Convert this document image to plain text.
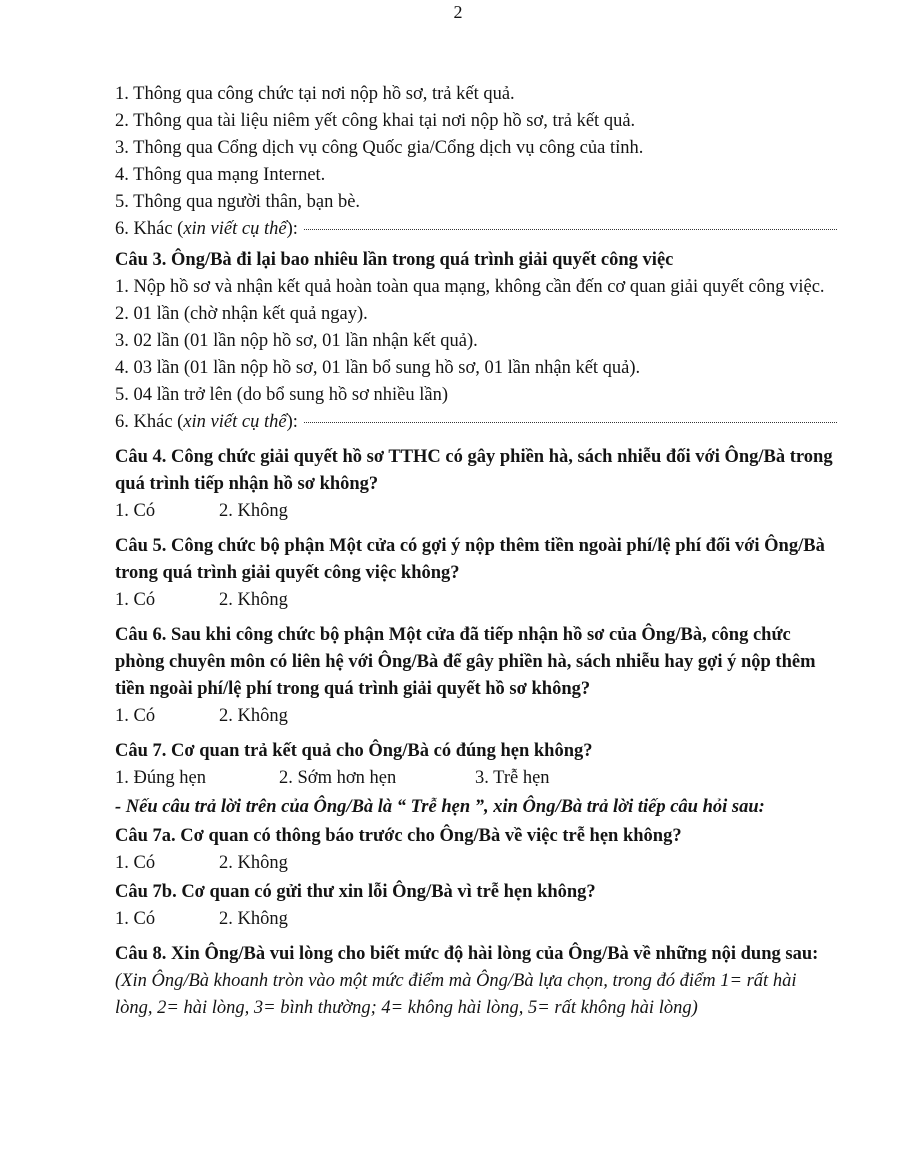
2
1. Thông qua công chức tại nơi nộp hồ sơ, trả kết quả.
2. Thông qua tài liệu niêm yết công khai tại nơi nộp hồ sơ, trả kết quả.
3. Thông qua Cổng dịch vụ công Quốc gia/Cổng dịch vụ công của tỉnh.
4. Thông qua mạng Internet.
5. Thông qua người thân, bạn bè.
6. Khác ( xin viết cụ thể ):
Câu 3. Ông/Bà đi lại bao nhiêu lần trong quá trình giải quyết công việc
1. Nộp hồ sơ và nhận kết quả hoàn toàn qua mạng, không cần đến cơ quan giải quyết công việc.
2. 01 lần (chờ nhận kết quả ngay).
3. 02 lần (01 lần nộp hồ sơ, 01 lần nhận kết quả).
4. 03 lần (01 lần nộp hồ sơ, 01 lần bổ sung hồ sơ, 01 lần nhận kết quả).
5. 04 lần trở lên (do bổ sung hồ sơ nhiều lần)
6. Khác ( xin viết cụ thể ):
Câu 4. Công chức giải quyết hồ sơ TTHC có gây phiền hà, sách nhiễu đối với Ông/Bà trong quá trình tiếp nhận hồ sơ không?
1. Có	2. Không
Câu 5. Công chức bộ phận Một cửa có gợi ý nộp thêm tiền ngoài phí/lệ phí đối với Ông/Bà trong quá trình giải quyết công việc không?
1. Có	2. Không
Câu 6. Sau khi công chức bộ phận Một cửa đã tiếp nhận hồ sơ của Ông/Bà, công chức phòng chuyên môn có liên hệ với Ông/Bà để gây phiền hà, sách nhiễu hay gợi ý nộp thêm tiền ngoài phí/lệ phí trong quá trình giải quyết hồ sơ không?
1. Có	2. Không
Câu 7. Cơ quan trả kết quả cho Ông/Bà có đúng hẹn không?
1. Đúng hẹn	2. Sớm hơn hẹn	3. Trễ hẹn
- Nếu câu trả lời trên của Ông/Bà là “ Trễ hẹn ”, xin Ông/Bà trả lời tiếp câu hỏi sau:
Câu 7a. Cơ quan có thông báo trước cho Ông/Bà về việc trễ hẹn không?
1. Có	2. Không
Câu 7b. Cơ quan có gửi thư xin lỗi Ông/Bà vì trễ hẹn không?
1. Có	2. Không
Câu 8. Xin Ông/Bà vui lòng cho biết mức độ hài lòng của Ông/Bà về những nội dung sau:
(Xin Ông/Bà khoanh tròn vào một mức điểm mà Ông/Bà lựa chọn, trong đó điểm 1= rất hài lòng, 2= hài lòng, 3= bình thường; 4= không hài lòng, 5= rất không hài lòng)
